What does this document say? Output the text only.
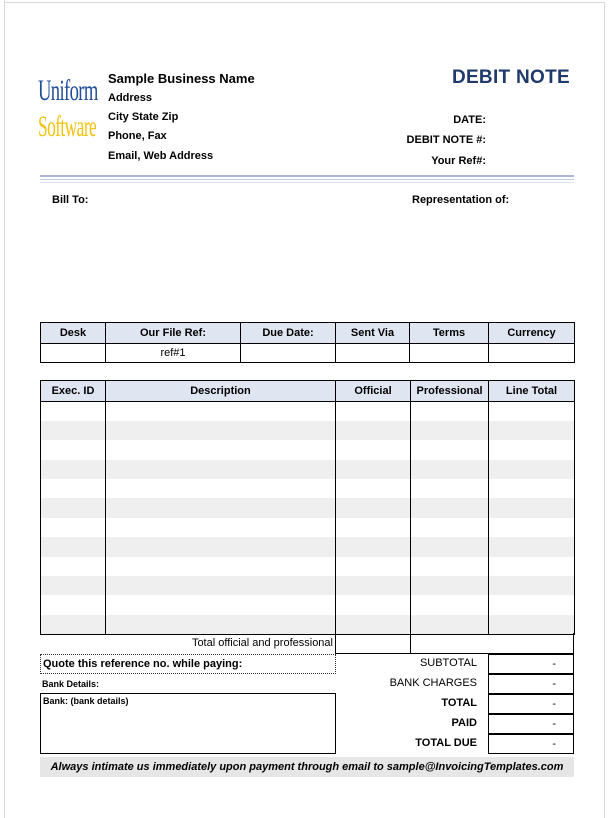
Uniform
Software
Sample Business Name
Address
City State Zip
Phone, Fax
Email, Web Address
DEBIT NOTE
DATE:
DEBIT NOTE #:
Your Ref#:
Bill To:	Representation of:
Desk	Our File Ref:	Due Date:	Sent Via	Terms	Currency
	ref#1				
Exec. ID	Description	Official	Professional	Line Total

Total official and professional
Quote this reference no. while paying:
Bank Details:
Bank: (bank details)
SUBTOTAL	-
BANK CHARGES	-
TOTAL	-
PAID	-
TOTAL DUE	-
Always intimate us immediately upon payment through email to sample@InvoicingTemplates.com
